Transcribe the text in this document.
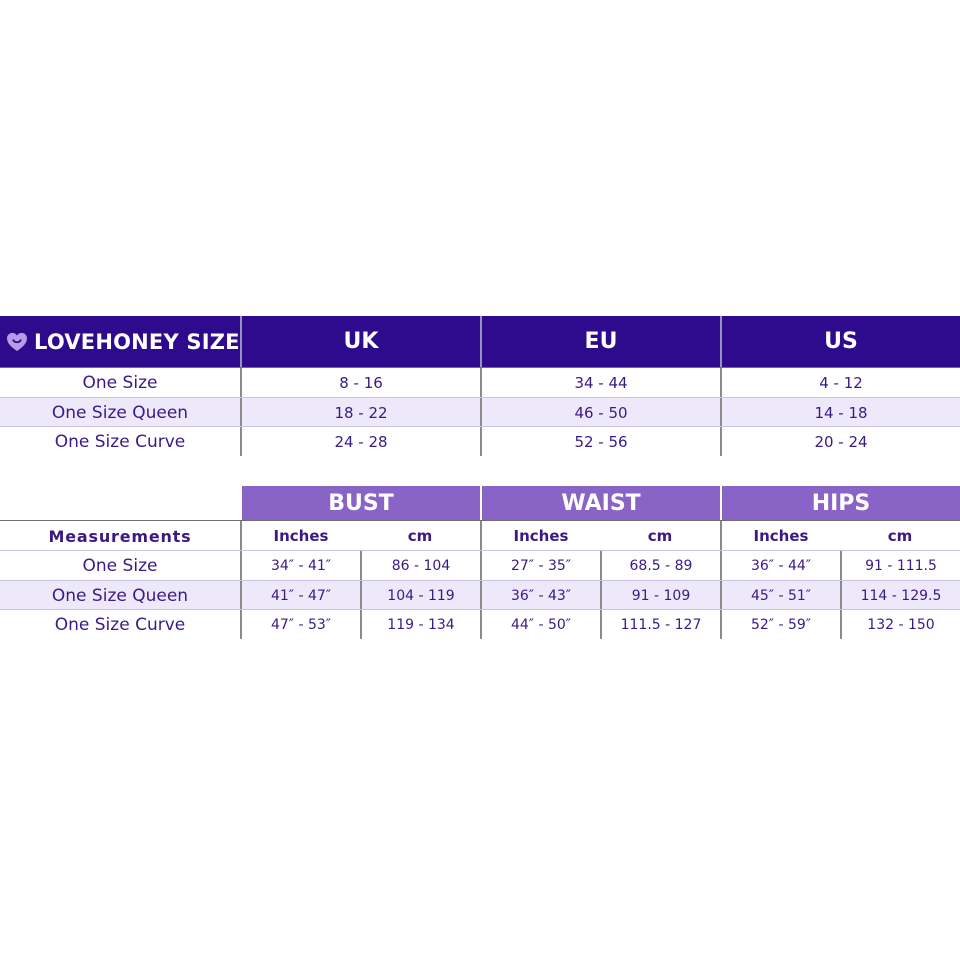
LOVEHONEY SIZE	UK	EU	US
One Size	8 - 16	34 - 44	4 - 12
One Size Queen	18 - 22	46 - 50	14 - 18
One Size Curve	24 - 28	52 - 56	20 - 24
BUST	WAIST	HIPS
Measurements	Inches	cm	Inches	cm	Inches	cm
One Size	34″ - 41″	86 - 104	27″ - 35″	68.5 - 89	36″ - 44″	91 - 111.5
One Size Queen	41″ - 47″	104 - 119	36″ - 43″	91 - 109	45″ - 51″	114 - 129.5
One Size Curve	47″ - 53″	119 - 134	44″ - 50″	111.5 - 127	52″ - 59″	132 - 150
